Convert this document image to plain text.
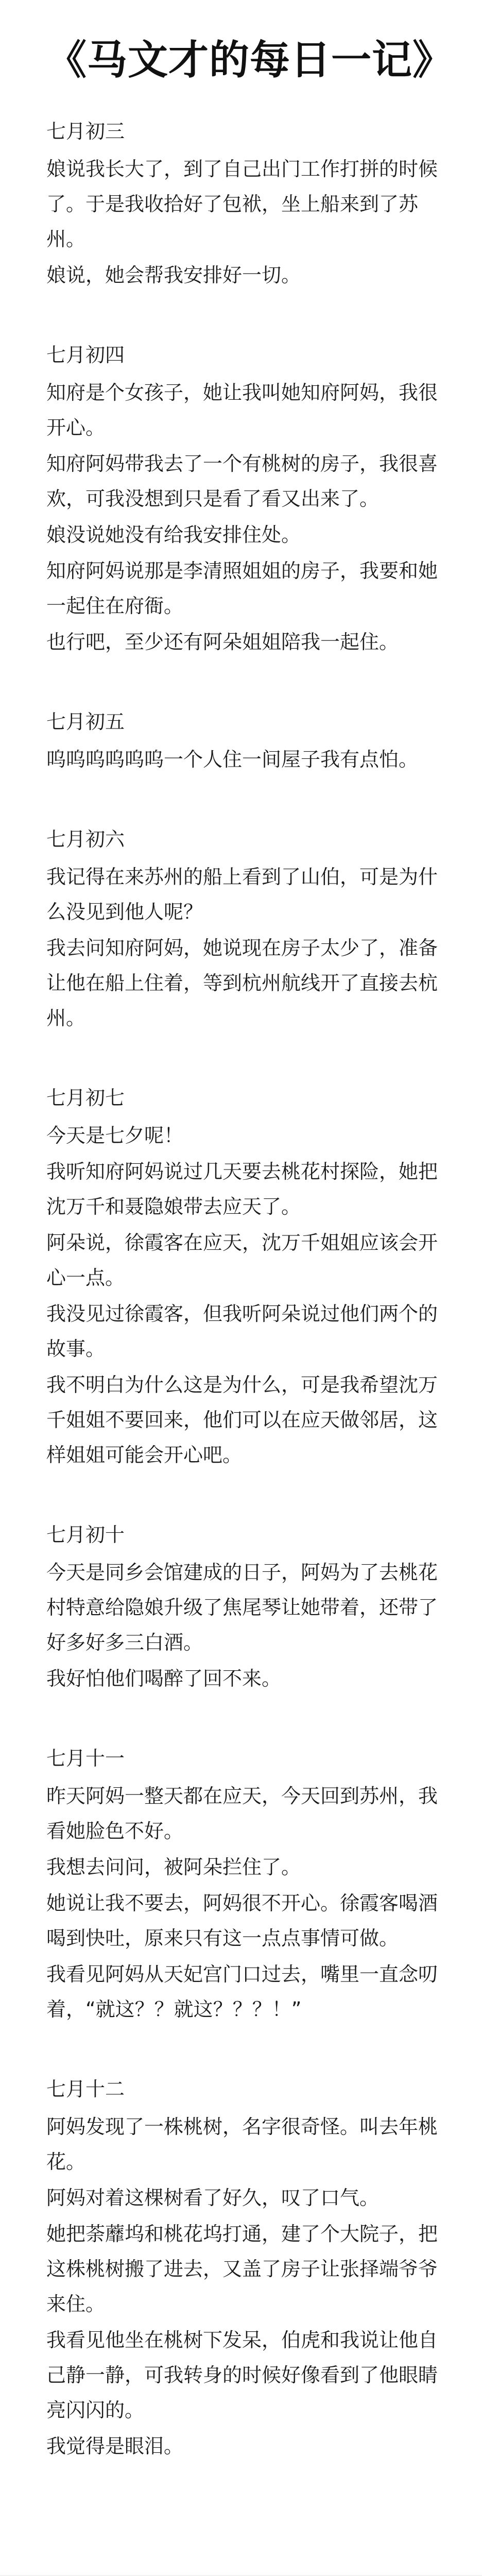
《马文才的每日一记》
七月初三

娘说我长大了，到了自己出门工作打拼的时候了。于是我收拾好了包袱，坐上船来到了苏州。

娘说，她会帮我安排好一切。

七月初四

知府是个女孩子，她让我叫她知府阿妈，我很开心。

知府阿妈带我去了一个有桃树的房子，我很喜欢，可我没想到只是看了看又出来了。

娘没说她没有给我安排住处。

知府阿妈说那是李清照姐姐的房子，我要和她一起住在府衙。

也行吧，至少还有阿朵姐姐陪我一起住。

七月初五

呜呜呜呜呜呜一个人住一间屋子我有点怕。

七月初六

我记得在来苏州的船上看到了山伯，可是为什么没见到他人呢？

我去问知府阿妈，她说现在房子太少了，准备让他在船上住着，等到杭州航线开了直接去杭州。

七月初七

今天是七夕呢！

我听知府阿妈说过几天要去桃花村探险，她把沈万千和聂隐娘带去应天了。

阿朵说，徐霞客在应天，沈万千姐姐应该会开心一点。

我没见过徐霞客，但我听阿朵说过他们两个的故事。

我不明白为什么这是为什么，可是我希望沈万千姐姐不要回来，他们可以在应天做邻居，这样姐姐可能会开心吧。

七月初十

今天是同乡会馆建成的日子，阿妈为了去桃花村特意给隐娘升级了焦尾琴让她带着，还带了好多好多三白酒。

我好怕他们喝醉了回不来。

七月十一

昨天阿妈一整天都在应天，今天回到苏州，我看她脸色不好。

我想去问问，被阿朵拦住了。

她说让我不要去，阿妈很不开心。徐霞客喝酒喝到快吐，原来只有这一点点事情可做。

我看见阿妈从天妃宫门口过去，嘴里一直念叨着，“就这？？就这？？？！”

七月十二

阿妈发现了一株桃树，名字很奇怪。叫去年桃花。

阿妈对着这棵树看了好久，叹了口气。

她把荼蘼坞和桃花坞打通，建了个大院子，把这株桃树搬了进去，又盖了房子让张择端爷爷来住。

我看见他坐在桃树下发呆，伯虎和我说让他自己静一静，可我转身的时候好像看到了他眼睛亮闪闪的。

我觉得是眼泪。
